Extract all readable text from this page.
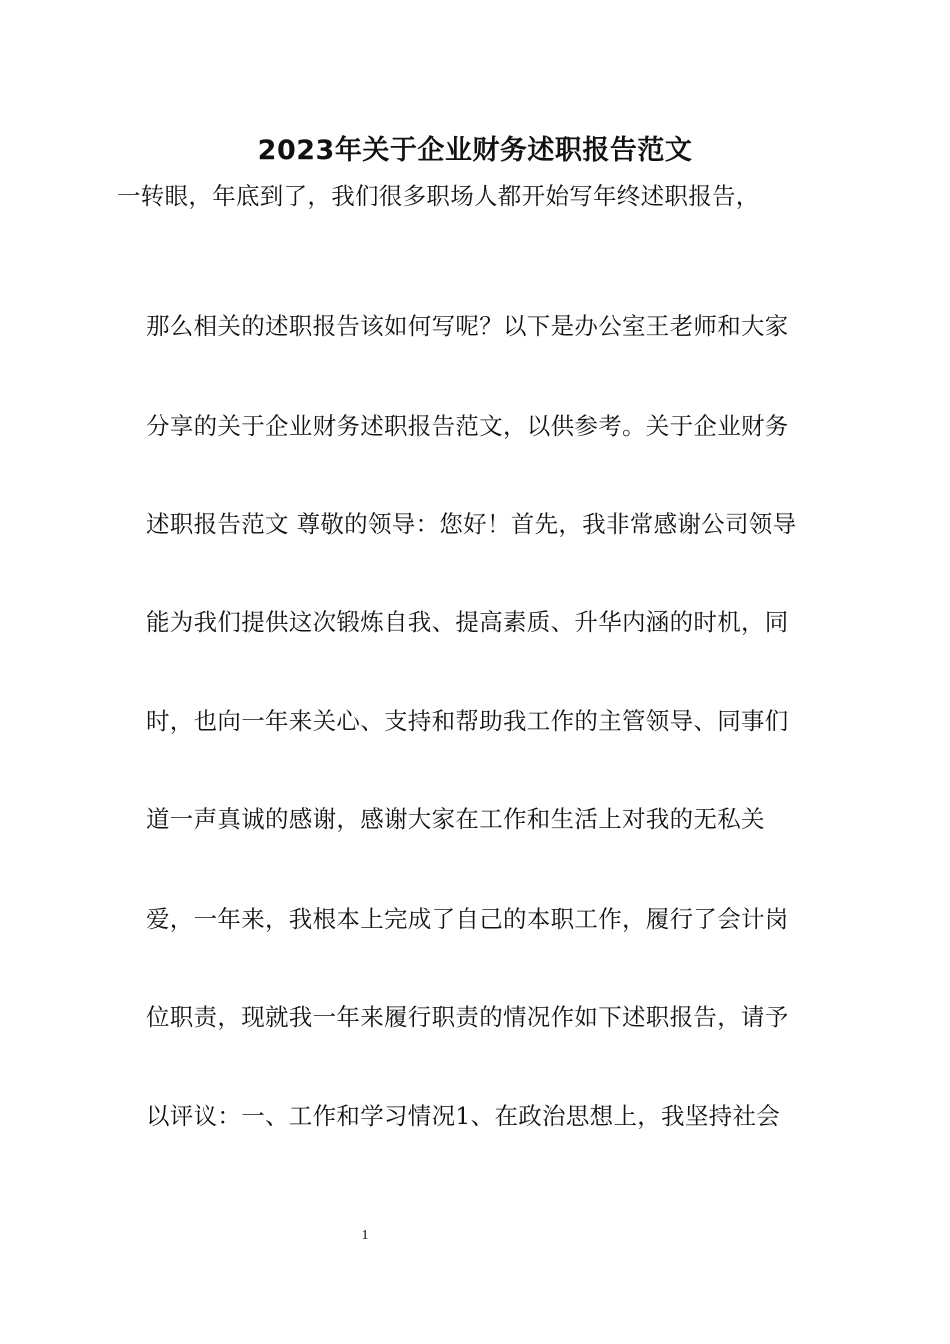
2023年关于企业财务述职报告范文
一转眼，年底到了，我们很多职场人都开始写年终述职报告，
那么相关的述职报告该如何写呢？以下是办公室王老师和大家
分享的关于企业财务述职报告范文，以供参考。关于企业财务
述职报告范文 尊敬的领导：您好！首先，我非常感谢公司领导
能为我们提供这次锻炼自我、提高素质、升华内涵的时机，同
时，也向一年来关心、支持和帮助我工作的主管领导、同事们
道一声真诚的感谢，感谢大家在工作和生活上对我的无私关
爱，一年来，我根本上完成了自己的本职工作，履行了会计岗
位职责，现就我一年来履行职责的情况作如下述职报告，请予
以评议：一、工作和学习情况1、在政治思想上，我坚持社会
1
